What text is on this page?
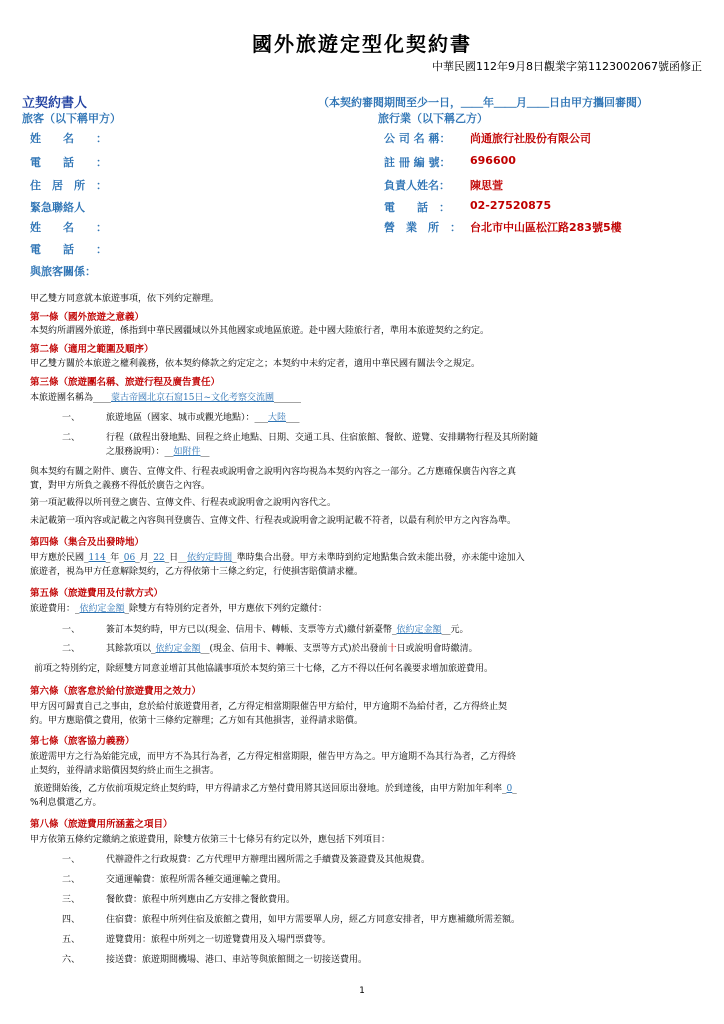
國外旅遊定型化契約書
中華民國112年9月8日觀業字第1123002067號函修正
立契約書人	（本契約審閱期間至少一日，＿＿年＿＿月＿＿日由甲方攜回審閱）
旅客（以下稱甲方）
姓　　名　　：
電　　話　　：
住　居　所　：
緊急聯絡人
姓　　名　　：
電　　話　　：
與旅客關係：
旅行業（以下稱乙方）
公 司 名 稱： 尚通旅行社股份有限公司
註 冊 編 號： 696600
負責人姓名： 陳思萱
電　　話　： 02-27520875
營　業　所　： 台北市中山區松江路283號5樓
甲乙雙方同意就本旅遊事項，依下列約定辦理。
第一條（國外旅遊之意義）
本契約所謂國外旅遊，係指到中華民國疆域以外其他國家或地區旅遊。赴中國大陸旅行者，準用本旅遊契約之約定。
第二條（適用之範圍及順序）
甲乙雙方關於本旅遊之權利義務，依本契約條款之約定定之；本契約中未約定者，適用中華民國有關法令之規定。
第三條（旅遊團名稱、旅遊行程及廣告責任）
本旅遊團名稱為____蒙古帝國北京石窟15日~文化考察交流團______
一、	旅遊地區（國家、城市或觀光地點）：___大陸___
二、	行程（啟程出發地點、回程之終止地點、日期、交通工具、住宿旅館、餐飲、遊覽、安排購物行程及其所附隨
之服務說明）：__如附件__
與本契約有關之附件、廣告、宣傳文件、行程表或說明會之說明內容均視為本契約內容之一部分。乙方應確保廣告內容之真
實，對甲方所負之義務不得低於廣告之內容。
第一項記載得以所刊登之廣告、宣傳文件、行程表或說明會之說明內容代之。
未記載第一項內容或記載之內容與刊登廣告、宣傳文件、行程表或說明會之說明記載不符者，以最有利於甲方之內容為準。
第四條（集合及出發時地）
甲方應於民國_114_年_06_月_22_日__依約定時間_準時集合出發。甲方未準時到約定地點集合致未能出發，亦未能中途加入
旅遊者，視為甲方任意解除契約，乙方得依第十三條之約定，行使損害賠償請求權。
第五條（旅遊費用及付款方式）
旅遊費用：_依約定金額_除雙方有特別約定者外，甲方應依下列約定繳付：
一、	簽訂本契約時，甲方已以(現金、信用卡、轉帳、支票等方式)繳付新臺幣_依約定金額__元。
二、	其餘款項以_依約定金額__(現金、信用卡、轉帳、支票等方式)於出發前十日或說明會時繳清。
前項之特別約定，除經雙方同意並增訂其他協議事項於本契約第三十七條，乙方不得以任何名義要求增加旅遊費用。
第六條（旅客怠於給付旅遊費用之效力）
甲方因可歸責自己之事由，怠於給付旅遊費用者，乙方得定相當期限催告甲方給付，甲方逾期不為給付者，乙方得終止契
約。甲方應賠償之費用，依第十三條約定辦理；乙方如有其他損害，並得請求賠償。
第七條（旅客協力義務）
旅遊需甲方之行為始能完成，而甲方不為其行為者，乙方得定相當期限，催告甲方為之。甲方逾期不為其行為者，乙方得終
止契約，並得請求賠償因契約終止而生之損害。
旅遊開始後，乙方依前項規定終止契約時，甲方得請求乙方墊付費用將其送回原出發地。於到達後，由甲方附加年利率_0_
%利息償還乙方。
第八條（旅遊費用所涵蓋之項目）
甲方依第五條約定繳納之旅遊費用，除雙方依第三十七條另有約定以外，應包括下列項目：
一、	代辦證件之行政規費：乙方代理甲方辦理出國所需之手續費及簽證費及其他規費。
二、	交通運輸費：旅程所需各種交通運輸之費用。
三、	餐飲費：旅程中所列應由乙方安排之餐飲費用。
四、	住宿費：旅程中所列住宿及旅館之費用，如甲方需要單人房，經乙方同意安排者，甲方應補繳所需差額。
五、	遊覽費用：旅程中所列之一切遊覽費用及入場門票費等。
六、	接送費：旅遊期間機場、港口、車站等與旅館間之一切接送費用。
1
